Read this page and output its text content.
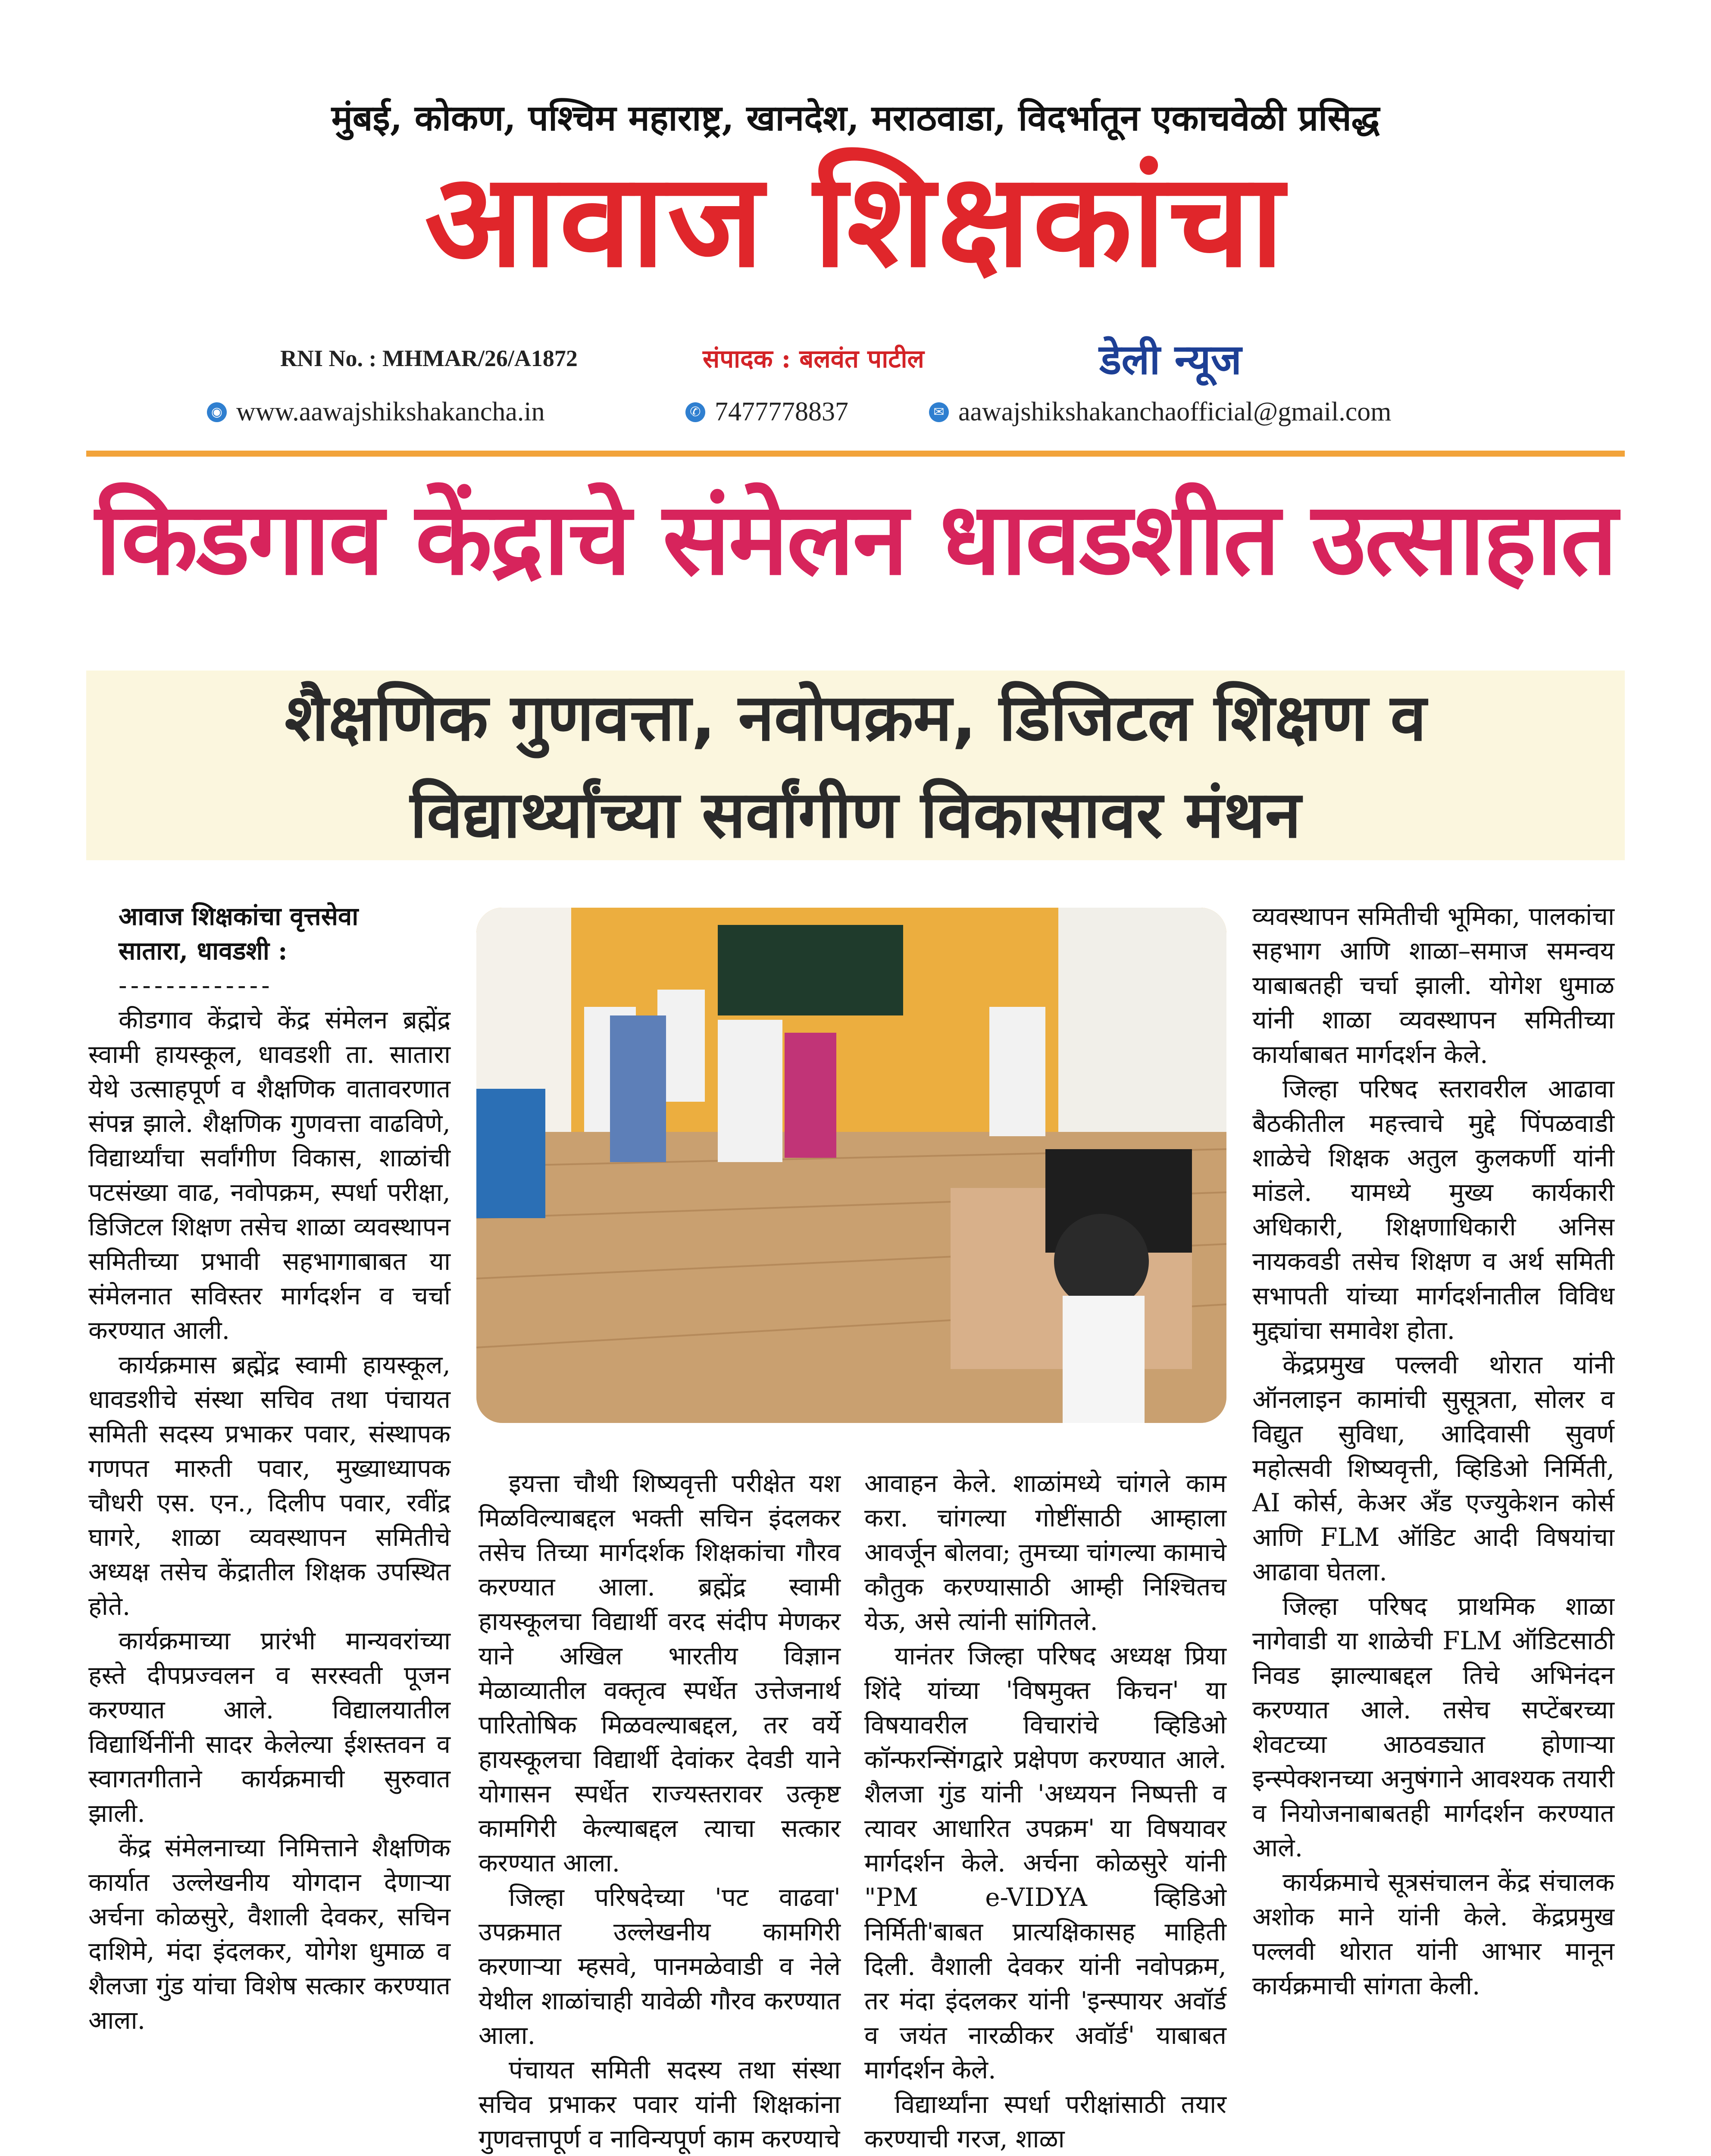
मुंबई, कोकण, पश्चिम महाराष्ट्र, खानदेश, मराठवाडा, विदर्भातून एकाचवेळी प्रसिद्ध
आवाज शिक्षकांचा
RNI No. : MHMAR/26/A1872	संपादक : बलवंत पाटील	डेली न्यूज
◉ www.aawajshikshakancha.in	✆ 7477778837	✉ aawajshikshakanchaofficial@gmail.com
किडगाव केंद्राचे संमेलन धावडशीत उत्साहात
शैक्षणिक गुणवत्ता, नवोपक्रम, डिजिटल शिक्षण व
विद्यार्थ्यांच्या सर्वांगीण विकासावर मंथन

आवाज शिक्षकांचा वृत्तसेवा

सातारा, धावडशी :

-------------

कीडगाव केंद्राचे केंद्र संमेलन ब्रह्मेंद्र स्वामी हायस्कूल, धावडशी ता. सातारा येथे उत्साहपूर्ण व शैक्षणिक वातावरणात संपन्न झाले. शैक्षणिक गुणवत्ता वाढविणे, विद्यार्थ्यांचा सर्वांगीण विकास, शाळांची पटसंख्या वाढ, नवोपक्रम, स्पर्धा परीक्षा, डिजिटल शिक्षण तसेच शाळा व्यवस्थापन समितीच्या प्रभावी सहभागाबाबत या संमेलनात सविस्तर मार्गदर्शन व चर्चा करण्यात आली.

कार्यक्रमास ब्रह्मेंद्र स्वामी हायस्कूल, धावडशीचे संस्था सचिव तथा पंचायत समिती सदस्य प्रभाकर पवार, संस्थापक गणपत मारुती पवार, मुख्याध्यापक चौधरी एस. एन., दिलीप पवार, रवींद्र घागरे, शाळा व्यवस्थापन समितीचे अध्यक्ष तसेच केंद्रातील शिक्षक उपस्थित होते.

कार्यक्रमाच्या प्रारंभी मान्यवरांच्या हस्ते दीपप्रज्वलन व सरस्वती पूजन करण्यात आले. विद्यालयातील विद्यार्थिनींनी सादर केलेल्या ईशस्तवन व स्वागतगीताने कार्यक्रमाची सुरुवात झाली.

केंद्र संमेलनाच्या निमित्ताने शैक्षणिक कार्यात उल्लेखनीय योगदान देणाऱ्या अर्चना कोळसुरे, वैशाली देवकर, सचिन दाशिमे, मंदा इंदलकर, योगेश धुमाळ व शैलजा गुंड यांचा विशेष सत्कार करण्यात आला.

इयत्ता चौथी शिष्यवृत्ती परीक्षेत यश मिळविल्याबद्दल भक्ती सचिन इंदलकर तसेच तिच्या मार्गदर्शक शिक्षकांचा गौरव करण्यात आला. ब्रह्मेंद्र स्वामी हायस्कूलचा विद्यार्थी वरद संदीप मेणकर याने अखिल भारतीय विज्ञान मेळाव्यातील वक्तृत्व स्पर्धेत उत्तेजनार्थ पारितोषिक मिळवल्याबद्दल, तर वर्ये हायस्कूलचा विद्यार्थी देवांकर देवडी याने योगासन स्पर्धेत राज्यस्तरावर उत्कृष्ट कामगिरी केल्याबद्दल त्याचा सत्कार करण्यात आला.

जिल्हा परिषदेच्या 'पट वाढवा' उपक्रमात उल्लेखनीय कामगिरी करणाऱ्या म्हसवे, पानमळेवाडी व नेले येथील शाळांचाही यावेळी गौरव करण्यात आला.

पंचायत समिती सदस्य तथा संस्था सचिव प्रभाकर पवार यांनी शिक्षकांना गुणवत्तापूर्ण व नाविन्यपूर्ण काम करण्याचे

आवाहन केले. शाळांमध्ये चांगले काम करा. चांगल्या गोष्टींसाठी आम्हाला आवर्जून बोलवा; तुमच्या चांगल्या कामाचे कौतुक करण्यासाठी आम्ही निश्चितच येऊ, असे त्यांनी सांगितले.

यानंतर जिल्हा परिषद अध्यक्ष प्रिया शिंदे यांच्या 'विषमुक्त किचन' या विषयावरील विचारांचे व्हिडिओ कॉन्फरन्सिंगद्वारे प्रक्षेपण करण्यात आले. शैलजा गुंड यांनी 'अध्ययन निष्पत्ती व त्यावर आधारित उपक्रम' या विषयावर मार्गदर्शन केले. अर्चना कोळसुरे यांनी "PM e-VIDYA व्हिडिओ निर्मिती'बाबत प्रात्यक्षिकासह माहिती दिली. वैशाली देवकर यांनी नवोपक्रम, तर मंदा इंदलकर यांनी 'इन्स्पायर अवॉर्ड व जयंत नारळीकर अवॉर्ड' याबाबत मार्गदर्शन केले.

विद्यार्थ्यांना स्पर्धा परीक्षांसाठी तयार करण्याची गरज, शाळा

व्यवस्थापन समितीची भूमिका, पालकांचा सहभाग आणि शाळा–समाज समन्वय याबाबतही चर्चा झाली. योगेश धुमाळ यांनी शाळा व्यवस्थापन समितीच्या कार्याबाबत मार्गदर्शन केले.

जिल्हा परिषद स्तरावरील आढावा बैठकीतील महत्त्वाचे मुद्दे पिंपळवाडी शाळेचे शिक्षक अतुल कुलकर्णी यांनी मांडले. यामध्ये मुख्य कार्यकारी अधिकारी, शिक्षणाधिकारी अनिस नायकवडी तसेच शिक्षण व अर्थ समिती सभापती यांच्या मार्गदर्शनातील विविध मुद्द्यांचा समावेश होता.

केंद्रप्रमुख पल्लवी थोरात यांनी ऑनलाइन कामांची सुसूत्रता, सोलर व विद्युत सुविधा, आदिवासी सुवर्ण महोत्सवी शिष्यवृत्ती, व्हिडिओ निर्मिती, AI कोर्स, केअर अँड एज्युकेशन कोर्स आणि FLM ऑडिट आदी विषयांचा आढावा घेतला.

जिल्हा परिषद प्राथमिक शाळा नागेवाडी या शाळेची FLM ऑडिटसाठी निवड झाल्याबद्दल तिचे अभिनंदन करण्यात आले. तसेच सप्टेंबरच्या शेवटच्या आठवड्यात होणाऱ्या इन्स्पेक्शनच्या अनुषंगाने आवश्यक तयारी व नियोजनाबाबतही मार्गदर्शन करण्यात आले.

कार्यक्रमाचे सूत्रसंचालन केंद्र संचालक अशोक माने यांनी केले. केंद्रप्रमुख पल्लवी थोरात यांनी आभार मानून कार्यक्रमाची सांगता केली.
